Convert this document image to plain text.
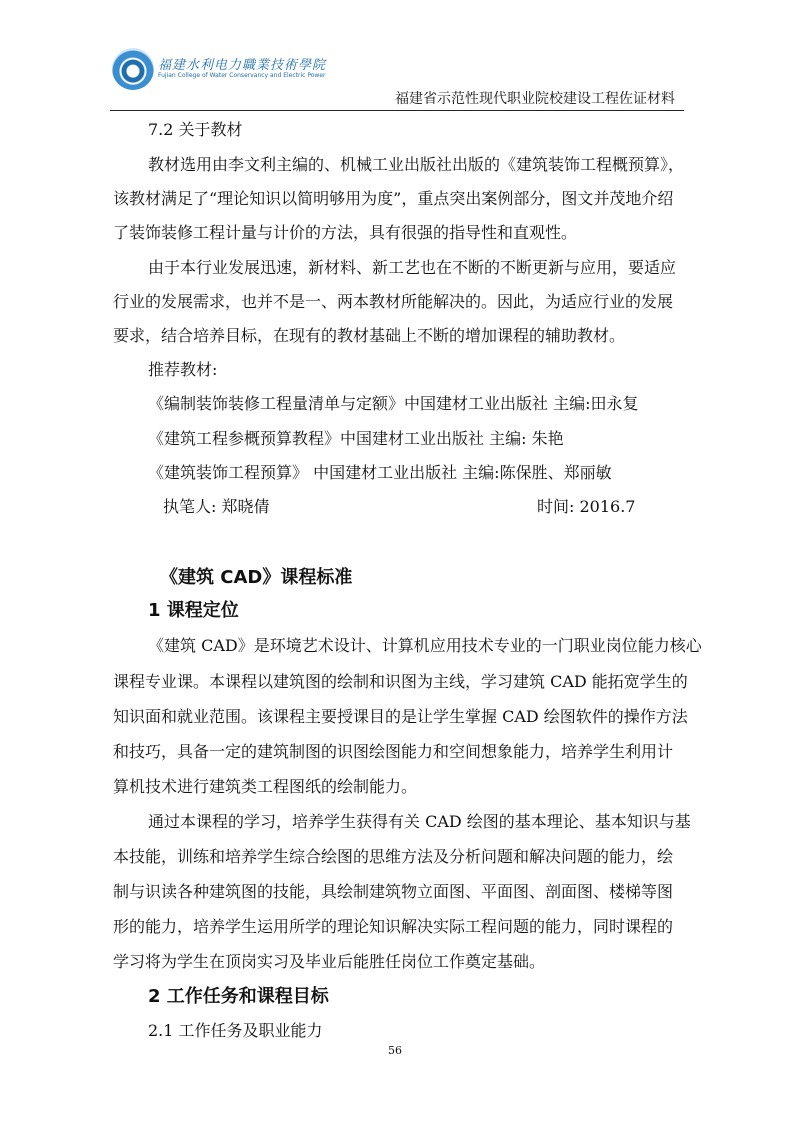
福建水利电力職業技術學院
Fujian College of Water Conservancy and Electric Power
福建省示范性现代职业院校建设工程佐证材料
7.2 关于教材
教材选用由李文利主编的、机械工业出版社出版的《建筑装饰工程概预算》，
该教材满足了“理论知识以简明够用为度”，重点突出案例部分，图文并茂地介绍
了装饰装修工程计量与计价的方法，具有很强的指导性和直观性。
由于本行业发展迅速，新材料、新工艺也在不断的不断更新与应用，要适应
行业的发展需求，也并不是一、两本教材所能解决的。因此，为适应行业的发展
要求，结合培养目标，在现有的教材基础上不断的增加课程的辅助教材。
推荐教材:
《编制装饰装修工程量清单与定额》中国建材工业出版社 主编:田永复
《建筑工程参概预算教程》中国建材工业出版社 主编: 朱艳
《建筑装饰工程预算》 中国建材工业出版社 主编:陈保胜、郑丽敏
执笔人: 郑晓倩	时间: 2016.7
《建筑 CAD》课程标准
1 课程定位
《建筑 CAD》是环境艺术设计、计算机应用技术专业的一门职业岗位能力核心
课程专业课。本课程以建筑图的绘制和识图为主线，学习建筑 CAD 能拓宽学生的
知识面和就业范围。该课程主要授课目的是让学生掌握 CAD 绘图软件的操作方法
和技巧，具备一定的建筑制图的识图绘图能力和空间想象能力，培养学生利用计
算机技术进行建筑类工程图纸的绘制能力。
通过本课程的学习，培养学生获得有关 CAD 绘图的基本理论、基本知识与基
本技能，训练和培养学生综合绘图的思维方法及分析问题和解决问题的能力，绘
制与识读各种建筑图的技能，具绘制建筑物立面图、平面图、剖面图、楼梯等图
形的能力，培养学生运用所学的理论知识解决实际工程问题的能力，同时课程的
学习将为学生在顶岗实习及毕业后能胜任岗位工作奠定基础。
2 工作任务和课程目标
2.1 工作任务及职业能力
56
